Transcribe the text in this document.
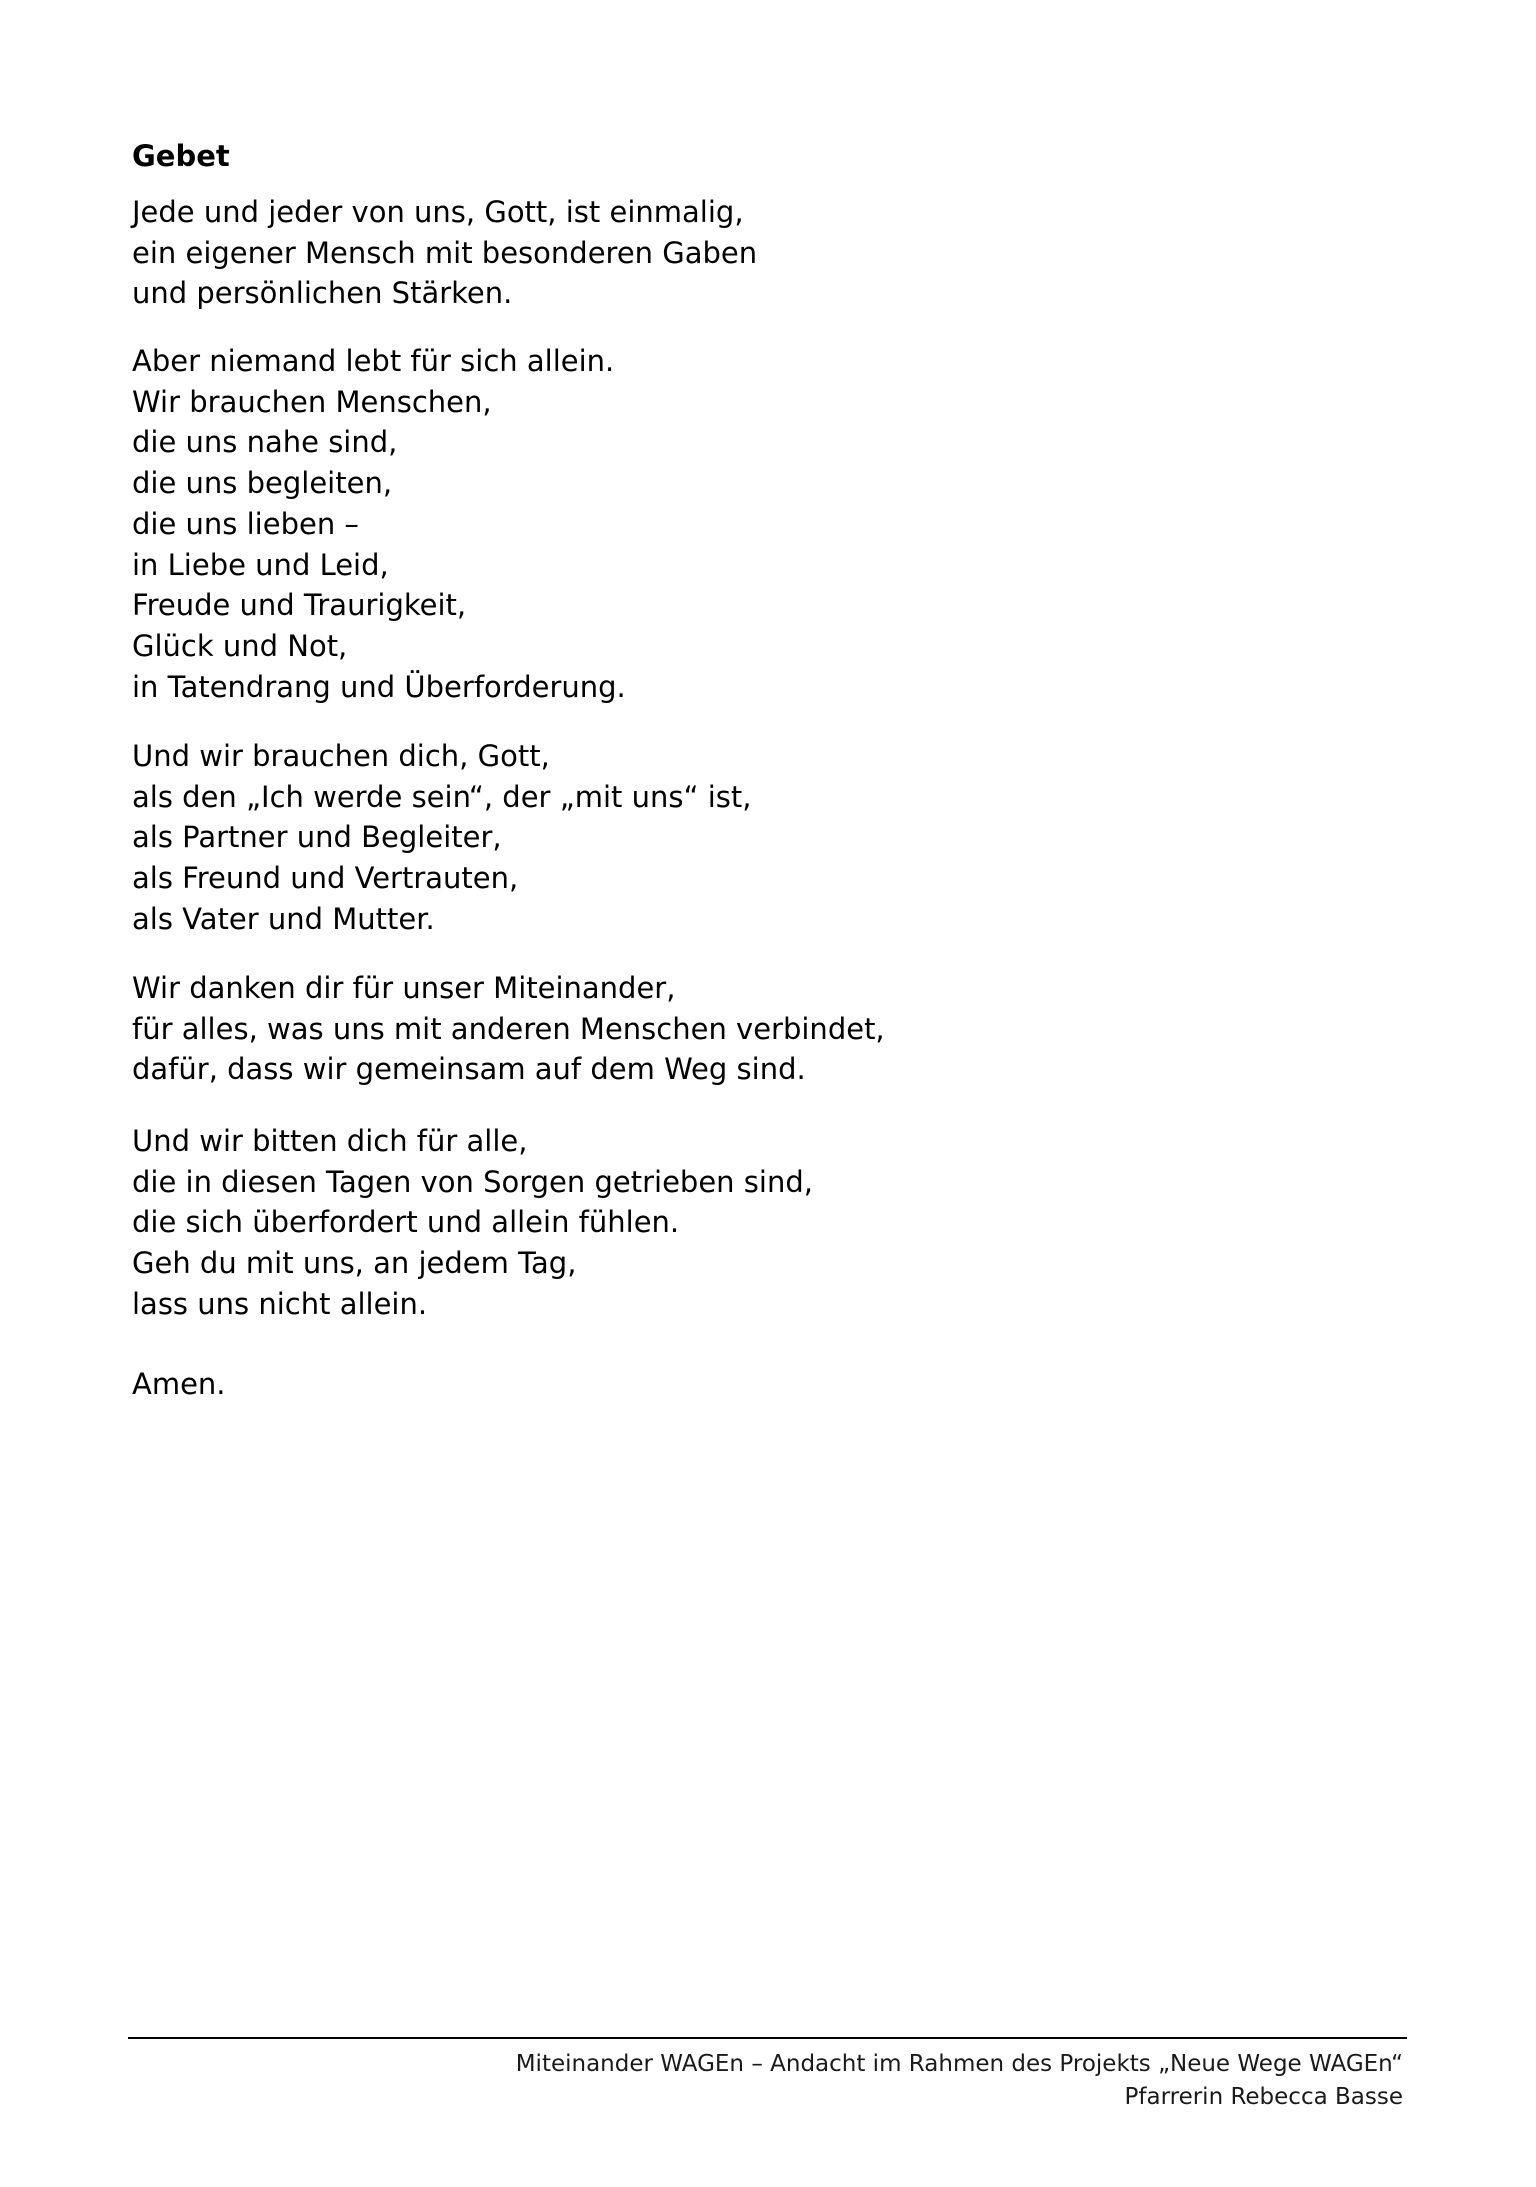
Gebet
Jede und jeder von uns, Gott, ist einmalig,
ein eigener Mensch mit besonderen Gaben
und persönlichen Stärken.
Aber niemand lebt für sich allein.
Wir brauchen Menschen,
die uns nahe sind,
die uns begleiten,
die uns lieben –
in Liebe und Leid,
Freude und Traurigkeit,
Glück und Not,
in Tatendrang und Überforderung.
Und wir brauchen dich, Gott,
als den „Ich werde sein“, der „mit uns“ ist,
als Partner und Begleiter,
als Freund und Vertrauten,
als Vater und Mutter.
Wir danken dir für unser Miteinander,
für alles, was uns mit anderen Menschen verbindet,
dafür, dass wir gemeinsam auf dem Weg sind.
Und wir bitten dich für alle,
die in diesen Tagen von Sorgen getrieben sind,
die sich überfordert und allein fühlen.
Geh du mit uns, an jedem Tag,
lass uns nicht allein.
Amen.
Miteinander WAGEn – Andacht im Rahmen des Projekts „Neue Wege WAGEn“
Pfarrerin Rebecca Basse
